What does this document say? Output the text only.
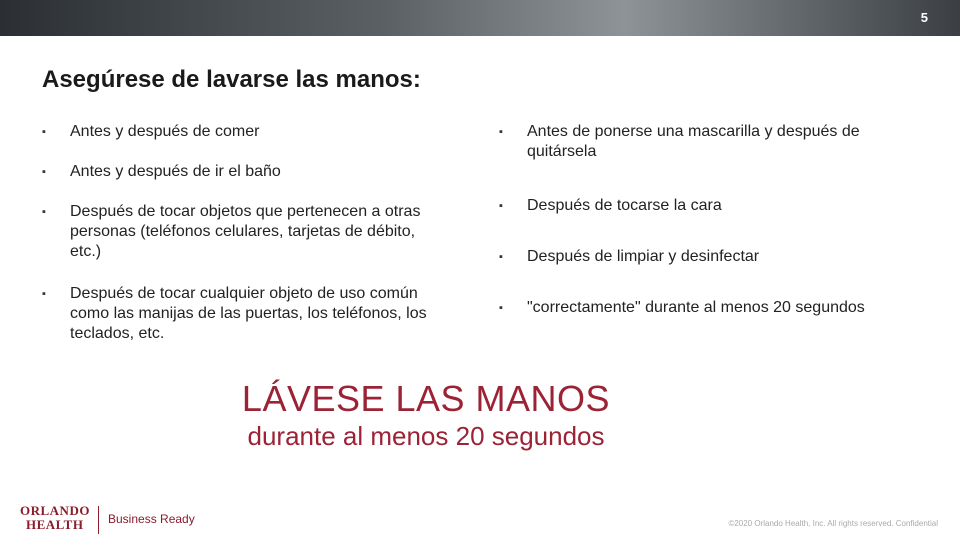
5
Asegúrese de lavarse las manos:
▪ Antes y después de comer
▪ Antes y después de ir el baño
▪ Después de tocar objetos que pertenecen a otras personas (teléfonos celulares, tarjetas de débito, etc.)
▪ Después de tocar cualquier objeto de uso común como las manijas de las puertas, los teléfonos, los teclados, etc.
▪ Antes de ponerse una mascarilla y después de quitársela
▪ Después de tocarse la cara
▪ Después de limpiar y desinfectar
▪ "correctamente" durante al menos 20 segundos
LÁVESE LAS MANOS
durante al menos 20 segundos
ORLANDO
HEALTH	Business Ready	©2020 Orlando Health, Inc. All rights reserved. Confidential
